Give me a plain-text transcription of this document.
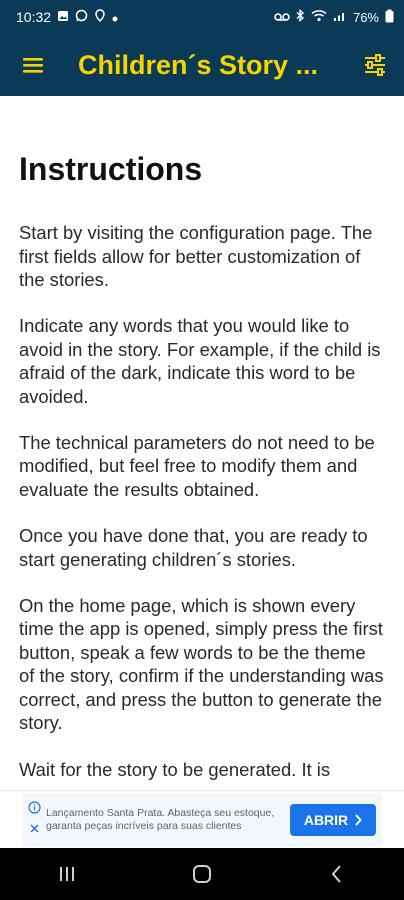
10:32	76%
Children´s Story ...
Instructions

Start by visiting the configuration page. The first fields allow for better customization of the stories.

Indicate any words that you would like to avoid in the story. For example, if the child is afraid of the dark, indicate this word to be avoided.

The technical parameters do not need to be modified, but feel free to modify them and evaluate the results obtained.

Once you have done that, you are ready to start generating children´s stories.

On the home page, which is shown every time the app is opened, simply press the first button, speak a few words to be the theme of the story, confirm if the understanding was correct, and press the button to generate the story.

Wait for the story to be generated. It is

Lançamento Santa Prata. Abasteça seu estoque, garanta peças incríveis para suas clientes	ABRIR
